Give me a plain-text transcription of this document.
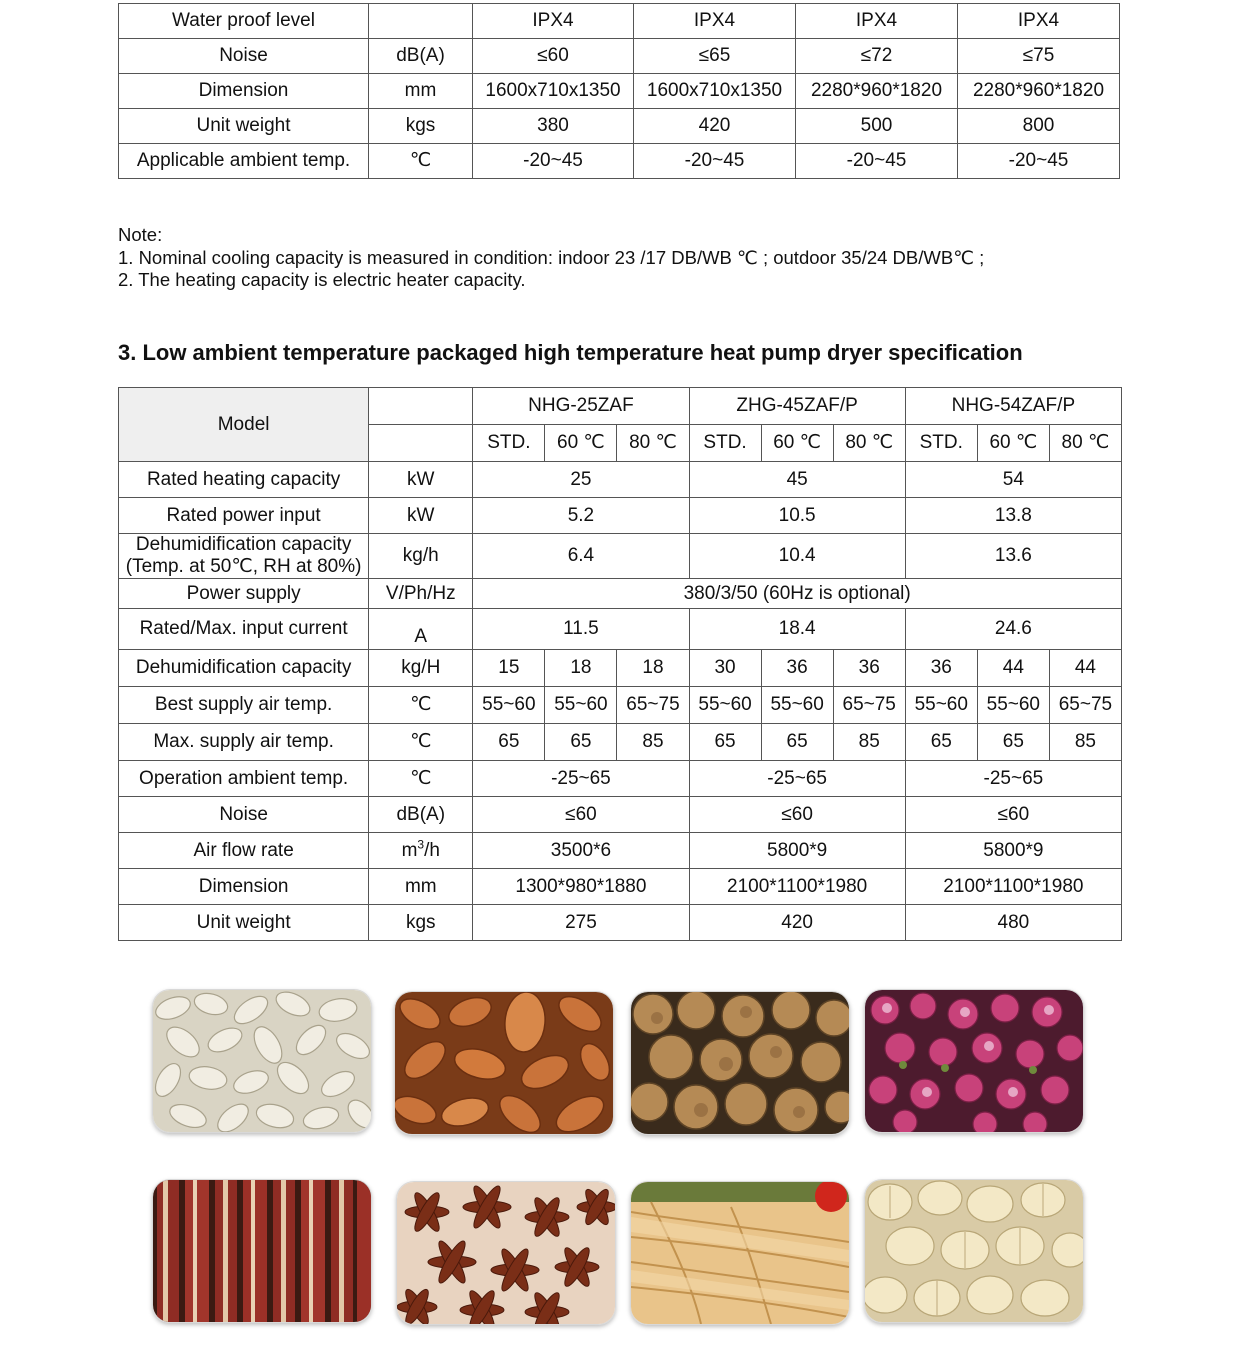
Water proof level		IPX4	IPX4	IPX4	IPX4
Noise	dB(A)	≤60	≤65	≤72	≤75
Dimension	mm	1600x710x1350	1600x710x1350	2280*960*1820	2280*960*1820
Unit weight	kgs	380	420	500	800
Applicable ambient temp.	℃	-20~45	-20~45	-20~45	-20~45
Note:
1. Nominal cooling capacity is measured in condition: indoor 23 /17 DB/WB ℃ ; outdoor 35/24 DB/WB℃ ;
2. The heating capacity is electric heater capacity.
3. Low ambient temperature packaged high temperature heat pump dryer specification
Model		NHG-25ZAF			ZHG-45ZAF/P			NHG-54ZAF/P		
		STD.	60 ℃	80 ℃	STD.	60 ℃	80 ℃	STD.	60 ℃	80 ℃
Rated heating capacity	kW	25			45			54		
Rated power input	kW	5.2			10.5			13.8		

Dehumidification capacity
(Temp. at 50℃, RH at 80%)	kg/h	6.4			10.4			13.6		
Power supply	V/Ph/Hz	380/3/50 (60Hz is optional)								
Rated/Max. input current	A	11.5			18.4			24.6		
Dehumidification capacity	kg/H	15	18	18	30	36	36	36	44	44
Best supply air temp.	℃	55~60	55~60	65~75	55~60	55~60	65~75	55~60	55~60	65~75
Max. supply air temp.	℃	65	65	85	65	65	85	65	65	85
Operation ambient temp.	℃	-25~65			-25~65			-25~65		
Noise	dB(A)	≤60			≤60			≤60		
Air flow rate	$m^3/h$	3500*6			5800*9			5800*9		
Dimension	mm	1300*980*1880			2100*1100*1980			2100*1100*1980		
Unit weight	kgs	275			420			480		
